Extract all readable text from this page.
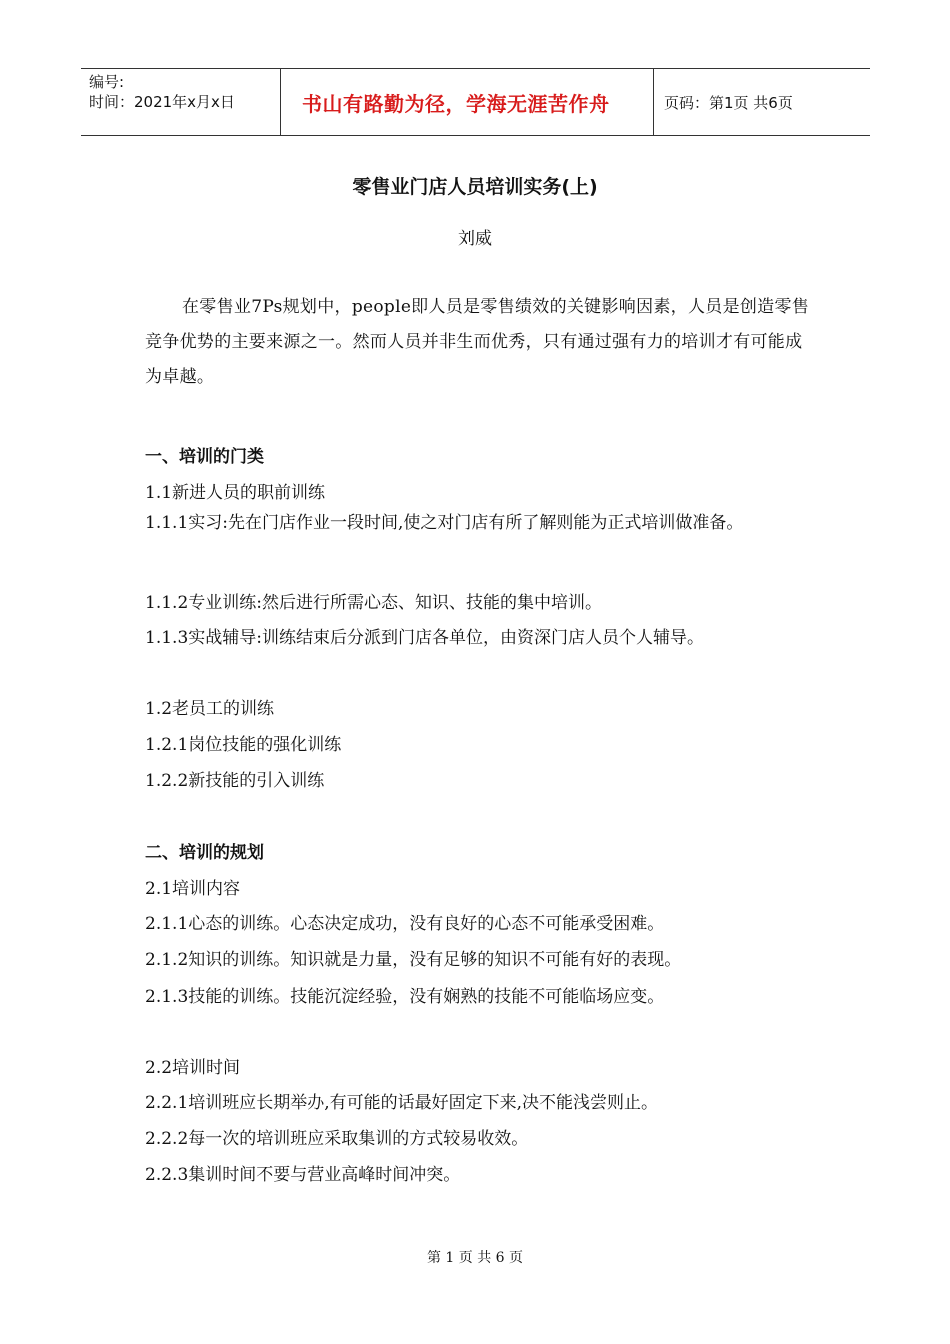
编号:
时间：2021年x月x日	书山有路勤为径，学海无涯苦作舟	页码：第1页 共6页
零售业门店人员培训实务(上)
刘威
在零售业7Ps规划中，people即人员是零售绩效的关键影响因素，人员是创造零售竞争优势的主要来源之一。然而人员并非生而优秀，只有通过强有力的培训才有可能成为卓越。
一、培训的门类
1.1新进人员的职前训练
1.1.1实习:先在门店作业一段时间,使之对门店有所了解则能为正式培训做准备。
1.1.2专业训练:然后进行所需心态、知识、技能的集中培训。
1.1.3实战辅导:训练结束后分派到门店各单位，由资深门店人员个人辅导。
1.2老员工的训练
1.2.1岗位技能的强化训练
1.2.2新技能的引入训练
二、培训的规划
2.1培训内容
2.1.1心态的训练。心态决定成功，没有良好的心态不可能承受困难。
2.1.2知识的训练。知识就是力量，没有足够的知识不可能有好的表现。
2.1.3技能的训练。技能沉淀经验，没有娴熟的技能不可能临场应变。
2.2培训时间
2.2.1培训班应长期举办,有可能的话最好固定下来,决不能浅尝则止。
2.2.2每一次的培训班应采取集训的方式较易收效。
2.2.3集训时间不要与营业高峰时间冲突。
第 1 页 共 6 页
